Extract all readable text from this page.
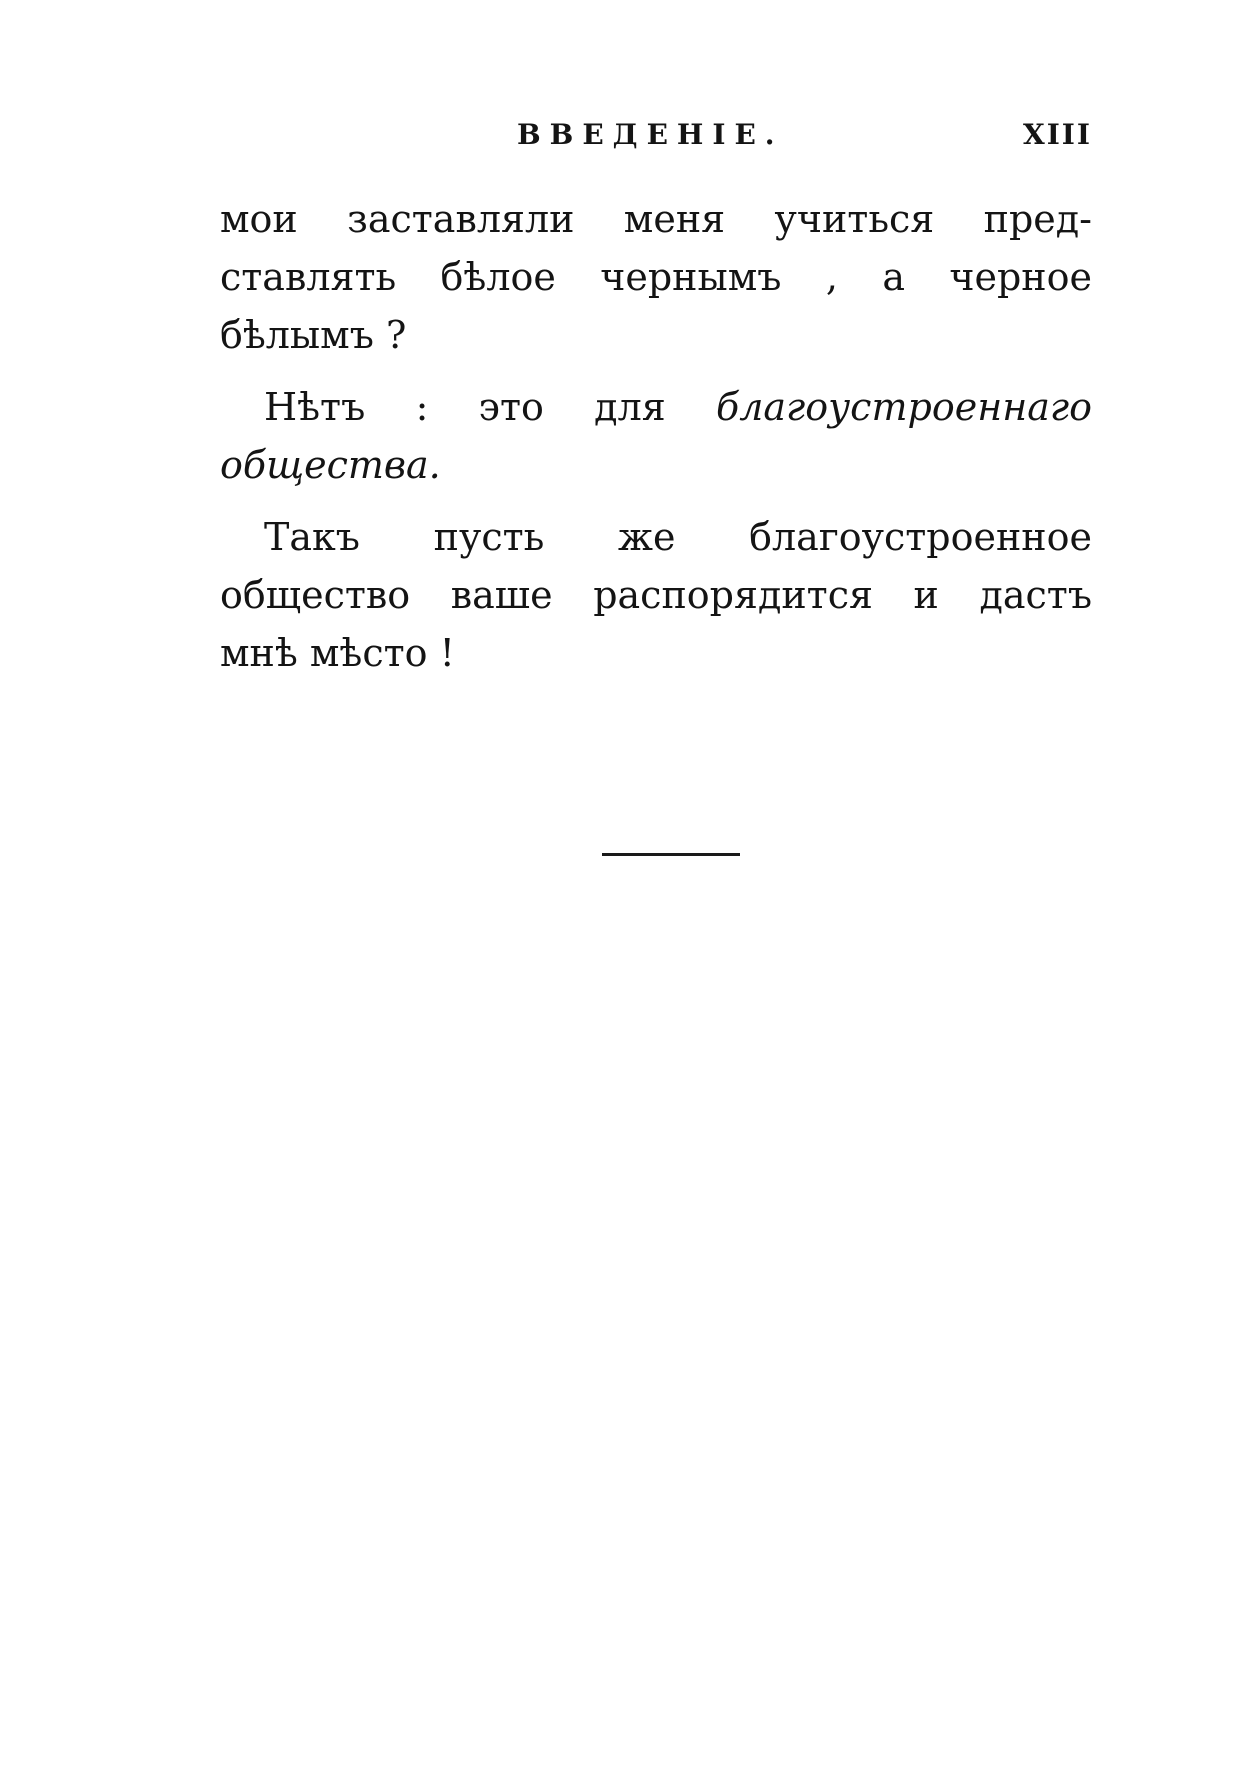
ВВЕДЕНІЕ.	XIII

мои заставляли меня учиться пред-
ставлять бѣлое чернымъ , а черное
бѣлымъ ?

Нѣтъ : это для благоустроеннаго
общества.

Такъ пусть же благоустроенное
общество ваше распорядится и дастъ
мнѣ мѣсто !
